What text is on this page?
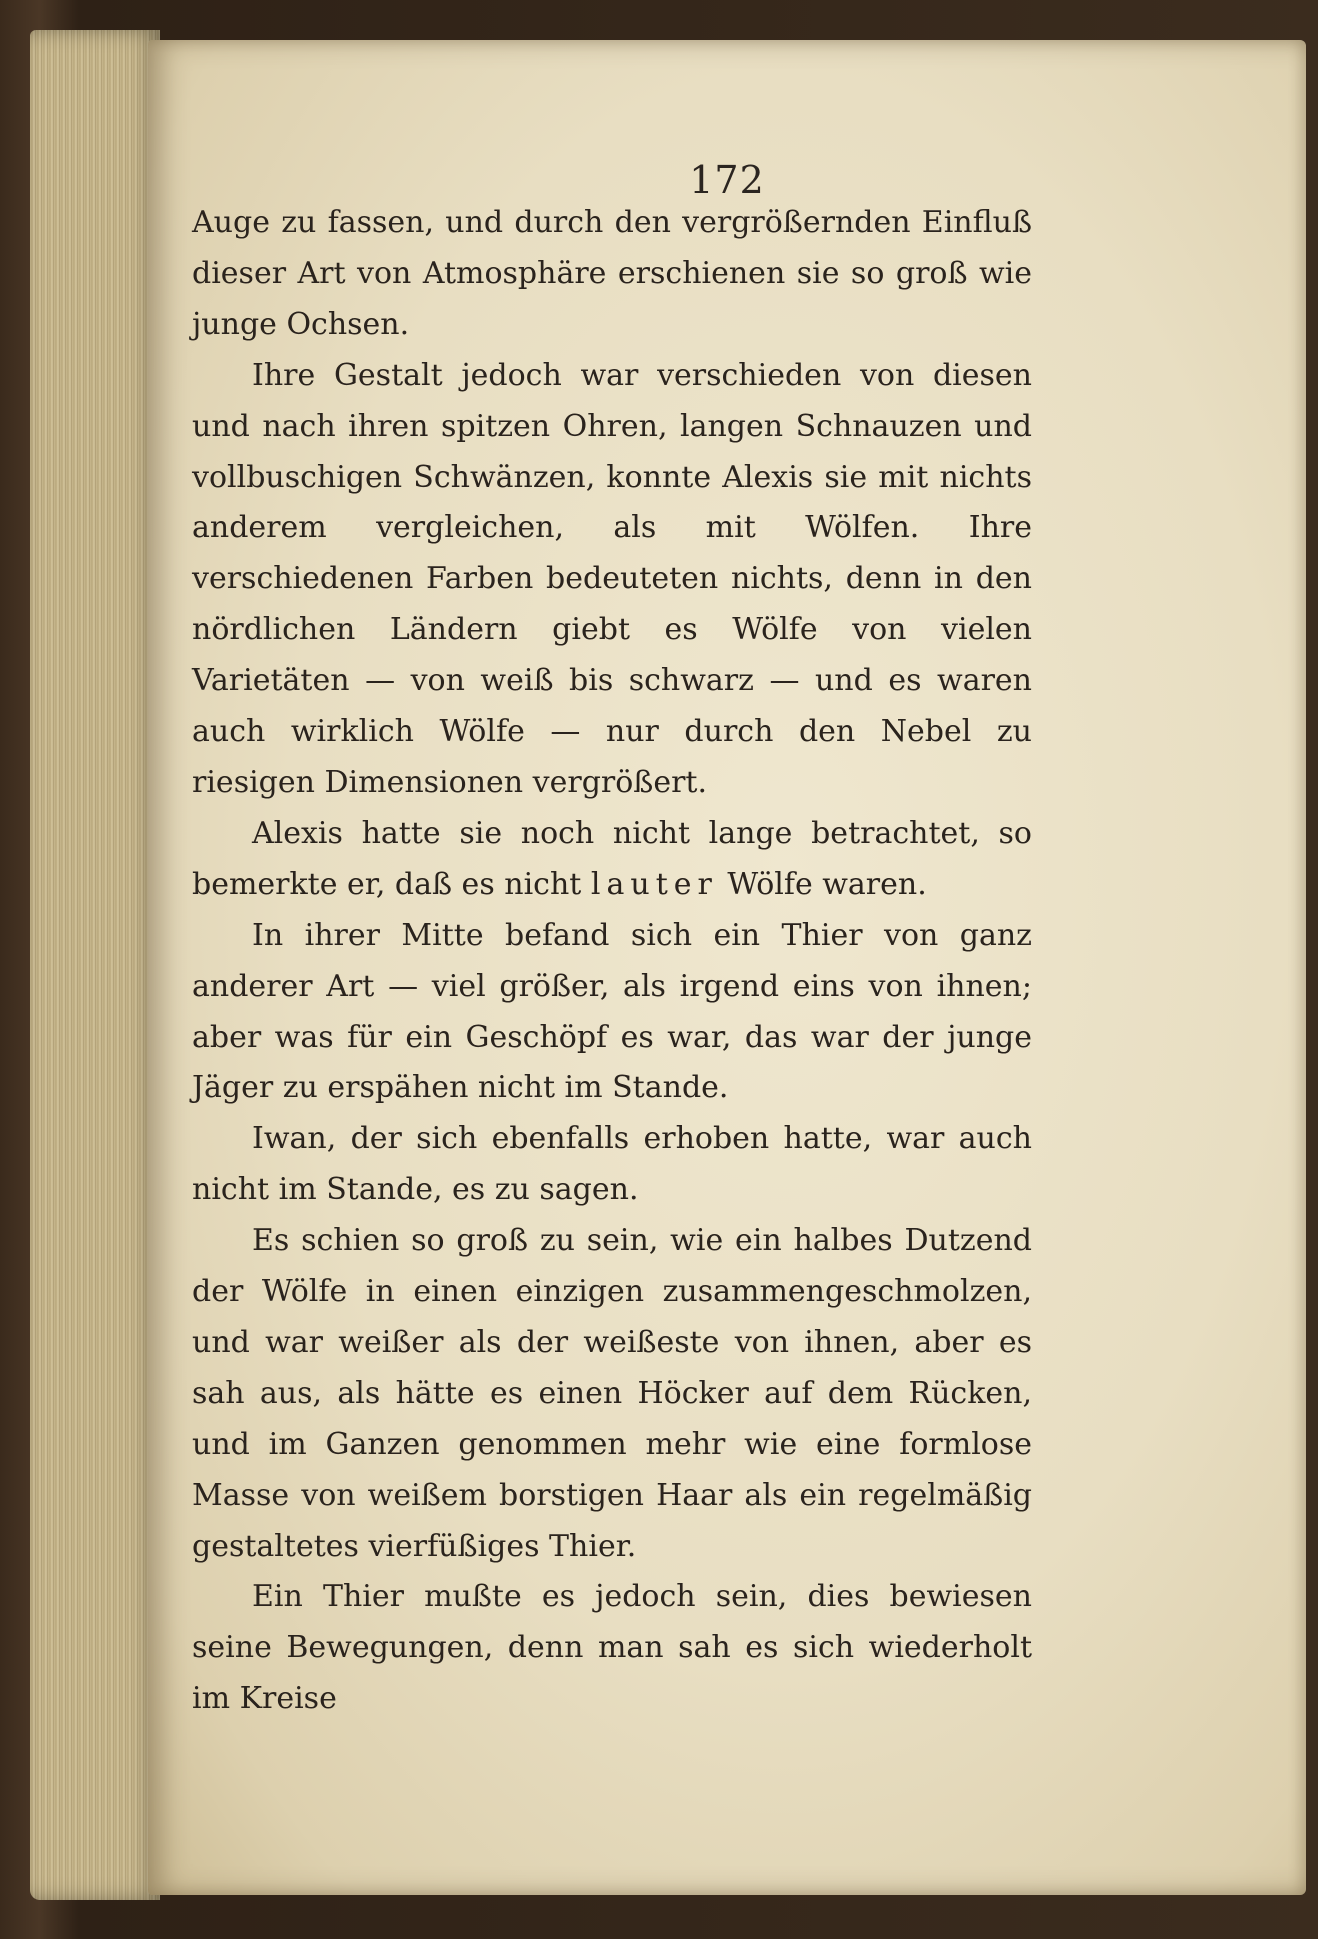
172

Auge zu fassen, und durch den vergrößernden Einfluß dieser Art von Atmosphäre erschienen sie so groß wie junge Ochsen.

Ihre Gestalt jedoch war verschieden von diesen und nach ihren spitzen Ohren, langen Schnauzen und vollbuschigen Schwänzen, konnte Alexis sie mit nichts anderem vergleichen, als mit Wölfen. Ihre verschiedenen Farben bedeuteten nichts, denn in den nördlichen Ländern giebt es Wölfe von vielen Varietäten — von weiß bis schwarz — und es waren auch wirklich Wölfe — nur durch den Nebel zu riesigen Dimensionen vergrößert.

Alexis hatte sie noch nicht lange betrachtet, so bemerkte er, daß es nicht lauter Wölfe waren.

In ihrer Mitte befand sich ein Thier von ganz anderer Art — viel größer, als irgend eins von ihnen; aber was für ein Geschöpf es war, das war der junge Jäger zu erspähen nicht im Stande.

Iwan, der sich ebenfalls erhoben hatte, war auch nicht im Stande, es zu sagen.

Es schien so groß zu sein, wie ein halbes Dutzend der Wölfe in einen einzigen zusammengeschmolzen, und war weißer als der weißeste von ihnen, aber es sah aus, als hätte es einen Höcker auf dem Rücken, und im Ganzen genommen mehr wie eine formlose Masse von weißem borstigen Haar als ein regelmäßig gestaltetes vierfüßiges Thier.

Ein Thier mußte es jedoch sein, dies bewiesen seine Bewegungen, denn man sah es sich wiederholt im Kreise
